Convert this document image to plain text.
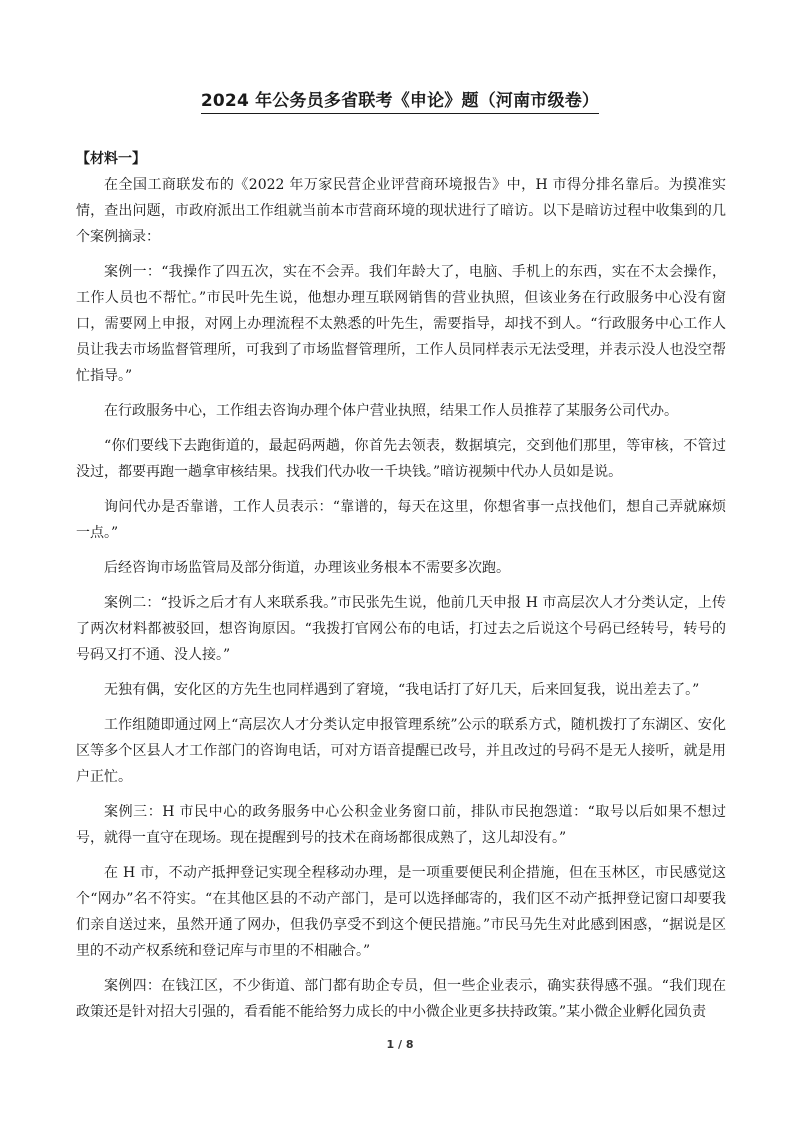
2024 年公务员多省联考《申论》题（河南市级卷）

【材料一】

在全国工商联发布的《2022 年万家民营企业评营商环境报告》中，H 市得分排名靠后。为摸准实情，查出问题，市政府派出工作组就当前本市营商环境的现状进行了暗访。以下是暗访过程中收集到的几个案例摘录：

案例一：“我操作了四五次，实在不会弄。我们年龄大了，电脑、手机上的东西，实在不太会操作，工作人员也不帮忙。”市民叶先生说，他想办理互联网销售的营业执照，但该业务在行政服务中心没有窗口，需要网上申报，对网上办理流程不太熟悉的叶先生，需要指导，却找不到人。“行政服务中心工作人员让我去市场监督管理所，可我到了市场监督管理所，工作人员同样表示无法受理，并表示没人也没空帮忙指导。”

在行政服务中心，工作组去咨询办理个体户营业执照，结果工作人员推荐了某服务公司代办。

“你们要线下去跑街道的，最起码两趟，你首先去领表，数据填完，交到他们那里，等审核，不管过没过，都要再跑一趟拿审核结果。找我们代办收一千块钱。”暗访视频中代办人员如是说。

询问代办是否靠谱，工作人员表示：“靠谱的，每天在这里，你想省事一点找他们，想自己弄就麻烦一点。”

后经咨询市场监管局及部分街道，办理该业务根本不需要多次跑。

案例二：“投诉之后才有人来联系我。”市民张先生说，他前几天申报 H 市高层次人才分类认定，上传了两次材料都被驳回，想咨询原因。“我拨打官网公布的电话，打过去之后说这个号码已经转号，转号的号码又打不通、没人接。”

无独有偶，安化区的方先生也同样遇到了窘境，“我电话打了好几天，后来回复我，说出差去了。”

工作组随即通过网上“高层次人才分类认定申报管理系统”公示的联系方式，随机拨打了东湖区、安化区等多个区县人才工作部门的咨询电话，可对方语音提醒已改号，并且改过的号码不是无人接听，就是用户正忙。

案例三：H 市民中心的政务服务中心公积金业务窗口前，排队市民抱怨道：“取号以后如果不想过号，就得一直守在现场。现在提醒到号的技术在商场都很成熟了，这儿却没有。”

在 H 市，不动产抵押登记实现全程移动办理，是一项重要便民利企措施，但在玉林区，市民感觉这个“网办”名不符实。“在其他区县的不动产部门，是可以选择邮寄的，我们区不动产抵押登记窗口却要我们亲自送过来，虽然开通了网办，但我仍享受不到这个便民措施。”市民马先生对此感到困惑，“据说是区里的不动产权系统和登记库与市里的不相融合。”

案例四：在钱江区，不少街道、部门都有助企专员，但一些企业表示，确实获得感不强。“我们现在政策还是针对招大引强的，看看能不能给努力成长的中小微企业更多扶持政策。”某小微企业孵化园负责

1 / 8
